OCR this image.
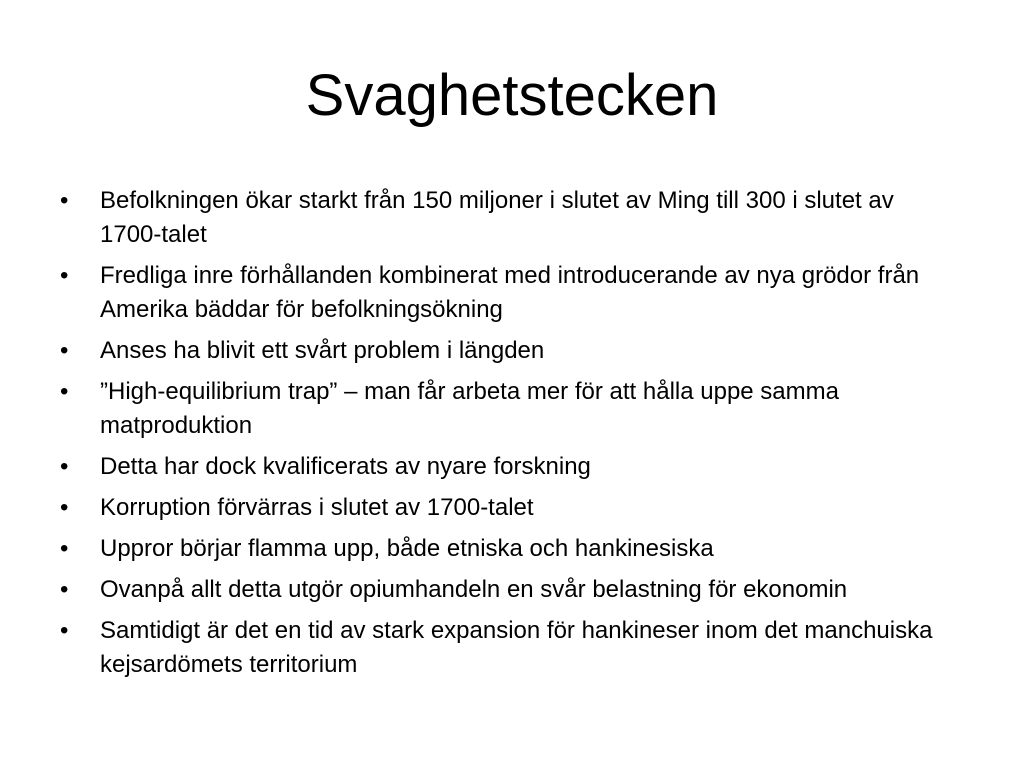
Svaghetstecken
•	Befolkningen ökar starkt från 150 miljoner i slutet av Ming till 300 i slutet av 1700-talet
•	Fredliga inre förhållanden kombinerat med introducerande av nya grödor från Amerika bäddar för befolkningsökning
•	Anses ha blivit ett svårt problem i längden
•	”High-equilibrium trap” – man får arbeta mer för att hålla uppe samma matproduktion
•	Detta har dock kvalificerats av nyare forskning
•	Korruption förvärras i slutet av 1700-talet
•	Uppror börjar flamma upp, både etniska och hankinesiska
•	Ovanpå allt detta utgör opiumhandeln en svår belastning för ekonomin
•	Samtidigt är det en tid av stark expansion för hankineser inom det manchuiska kejsardömets territorium
